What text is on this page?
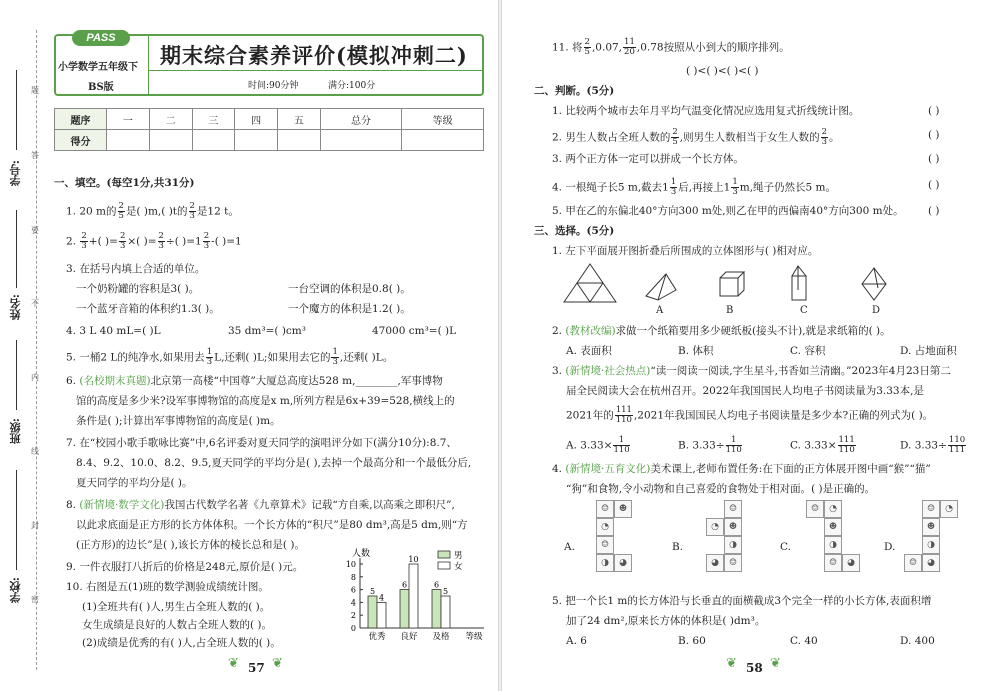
学校:
班级:
姓名:
学号:
题
答
要
不
内
线
封
密
PASS
期末综合素养评价(模拟冲刺二)
小学数学五年级下
BS版	时间:90分钟	满分:100分
题序	一	二	三	四	五	总分	等级
得分							
一、填空。(每空1分,共31分)
1. 20 m的 $\frac{2}{5}$ 是( )m,( )t的 $\frac{2}{3}$ 是12 t。
2. $\frac{2}{3}$ +( )= $\frac{2}{3}$ ×( )= $\frac{2}{3}$ ÷( )$=1 \frac{2}{3}$ -( )=1
3. 在括号内填上合适的单位。
一个奶粉罐的容积是3( )。	一台空调的体积是0.8( )。
一个蓝牙音箱的体积约1.3( )。	一个魔方的体积是1.2( )。
4. 3 L 40 mL=( )L	35 dm³=( )cm³	47000 cm³=( )L
5. 一桶2 L的纯净水,如果用去 $\frac{1}{3} L$,还剩( )L;如果用去它的 $\frac{1}{3}$ ,还剩( )L。
6. (名校期末真题)北京第一高楼“中国尊”大厦总高度达528 m,________,军事博物
馆的高度是多少米?设军事博物馆的高度是x m,所列方程是6x+39=528,横线上的
条件是( );计算出军事博物馆的高度是( )m。
7. 在“校园小歌手歌咏比赛”中,6名评委对夏天同学的演唱评分如下(满分10分):8.7、
8.4、9.2、10.0、8.2、9.5,夏天同学的平均分是( ),去掉一个最高分和一个最低分后,
夏天同学的平均分是( )。
8. (新情境·数学文化)我国古代数学名著《九章算术》记载“方自乘,以高乘之即积尺”,
以此求底面是正方形的长方体体积。一个长方体的“积尺”是80 dm³,高是5 dm,则“方
(正方形)的边长”是( ),该长方体的棱长总和是( )。
9. 一件衣服打八折后的价格是248元,原价是( )元。
10. 右图是五(1)班的数学测验成绩统计图。
(1)全班共有( )人,男生占全班人数的( )。
女生成绩是良好的人数占全班人数的( )。
(2)成绩是优秀的有( )人,占全班人数的( )。
人数
0
2
4
6
8
10
5
4
6
10
6
5
优秀 良好 及格 等级
男
女
❦ 57 ❦
11. 将 $\frac{2}{5} ,0.07$, $\frac{11}{20} ,0.78$按照从小到大的顺序排列。
( )<( )<( )<( )
二、判断。(5分)
1. 比较两个城市去年月平均气温变化情况应选用复式折线统计图。	( )
2. 男生人数占全班人数的 $\frac{2}{5}$ ,则男生人数相当于女生人数的 $\frac{2}{3}$ 。	( )
3. 两个正方体一定可以拼成一个长方体。	( )
4. 一根绳子长5 m,截去$1 \frac{1}{3}$ 后,再接上$1 \frac{1}{3} m$,绳子仍然长5 m。	( )
5. 甲在乙的东偏北40°方向300 m处,则乙在甲的西偏南40°方向300 m处。 ( )
三、选择。(5分)
1. 左下平面展开图折叠后所围成的立体图形与( )相对应。
A	B	C	D
2. (教材改编)求做一个纸箱要用多少硬纸板(接头不计),就是求纸箱的( )。
A. 表面积	B. 体积	C. 容积	D. 占地面积
3. (新情境·社会热点)“读一阅读一阅读,字生星斗,书香如兰清幽。”2023年4月23日第二
届全民阅读大会在杭州召开。2022年我国国民人均电子书阅读量为3.33本,是
2021年的 $\frac{111}{110} ,2021$年我国国民人均电子书阅读量是多少本?正确的列式为( )。
A. $3.33\times \frac{1}{110}$	B. $3.33\div \frac{1}{110}$	C. $3.33\times \frac{111}{110}$	D. $3.33\div \frac{110}{111}$
4. (新情境·五育文化)美术课上,老师布置任务:在下面的正方体展开图中画“猴”“猫”
“狗”和食物,令小动物和自己喜爱的食物处于相对面。( )是正确的。
A.	B.	C.	D.
☺	☻
◔
☺
◑	◕
☺
◔	☻
◑
☺
◕
☺	◔
☻
◑
☺	◕
☺	◔
☻
◑
☺	◕
5. 把一个长1 m的长方体沿与长垂直的面横截成3个完全一样的小长方体,表面积增
加了24 dm²,原来长方体的体积是( )dm³。
A. 6	B. 60	C. 40	D. 400
❦ 58 ❦
